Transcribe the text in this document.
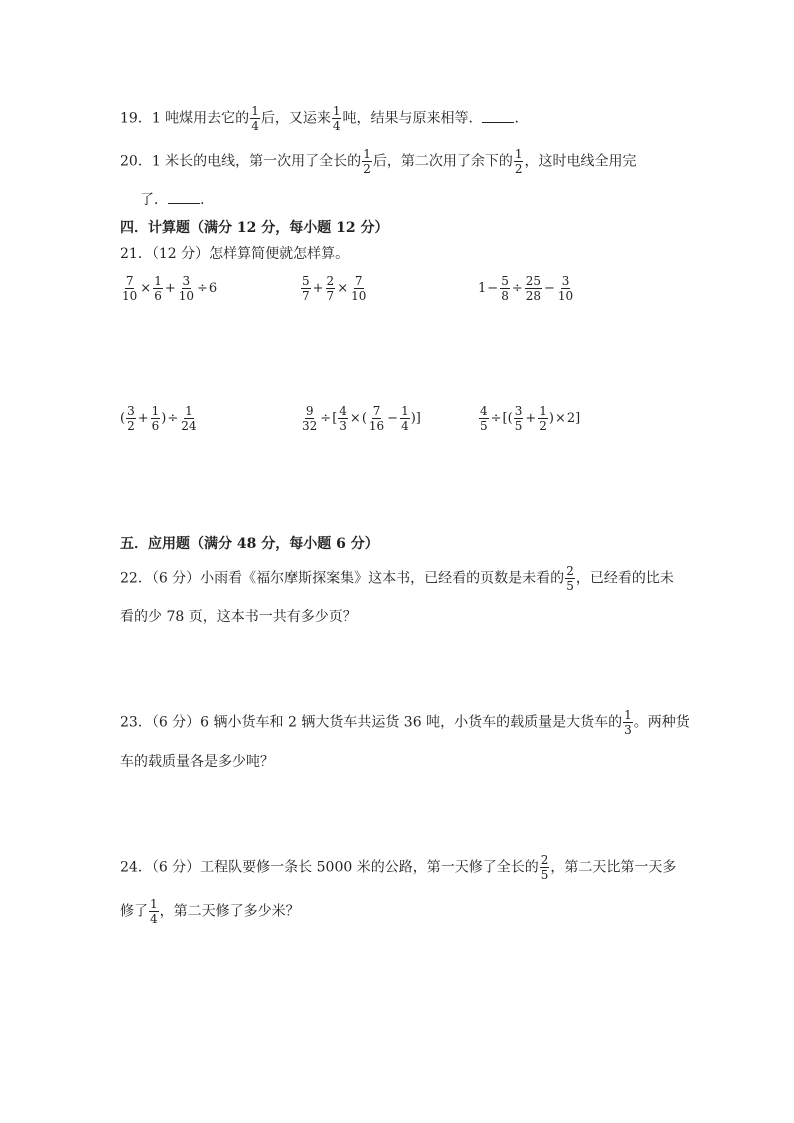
19．1 吨煤用去它的 $\frac{1}{4}$ 后，又运来 $\frac{1}{4}$ 吨，结果与原来相等． .
20．1 米长的电线，第一次用了全长的 $\frac{1}{2}$ 后，第二次用了余下的 $\frac{1}{2}$ ，这时电线全用完
了． .
四．计算题（满分 12 分，每小题 12 分）
21．（12 分）怎样算简便就怎样算。
$\frac{7}{10} \times \frac{1}{6} + \frac{3}{10} \div 6$	$\frac{5}{7} + \frac{2}{7} \times \frac{7}{10}$	$1 - \frac{5}{8} \div \frac{25}{28} - \frac{3}{10}$
( $\frac{3}{2} + \frac{1}{6}$ ) ÷ $\frac{1}{24}$	$\frac{9}{32}$ ÷ [ $\frac{4}{3}$ × ( $\frac{7}{16} - \frac{1}{4}$ )]	$\frac{4}{5}$ ÷ [( $\frac{3}{5} + \frac{1}{2}$ ) × 2 ]
五．应用题（满分 48 分，每小题 6 分）
22．（6 分）小雨看《福尔摩斯探案集》这本书，已经看的页数是未看的 $\frac{2}{5}$ ，已经看的比未
看的少 78 页，这本书一共有多少页？
23．（6 分）6 辆小货车和 2 辆大货车共运货 36 吨，小货车的载质量是大货车的 $\frac{1}{3}$ 。两种货
车的载质量各是多少吨？
24．（6 分）工程队要修一条长 5000 米的公路，第一天修了全长的 $\frac{2}{5}$ ，第二天比第一天多
修了 $\frac{1}{4}$ ，第二天修了多少米？
